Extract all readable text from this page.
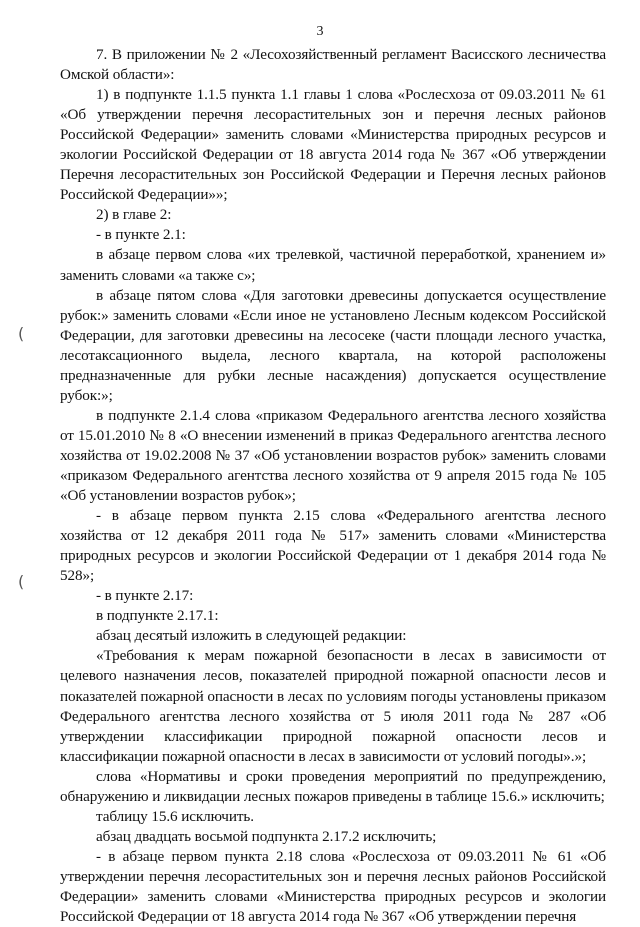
3
(
(

7. В приложении № 2 «Лесохозяйственный регламент Васисского лесничества Омской области»:

1) в подпункте 1.1.5 пункта 1.1 главы 1 слова «Рослесхоза от 09.03.2011 № 61 «Об утверждении перечня лесорастительных зон и перечня лесных районов Российской Федерации» заменить словами «Министерства природных ресурсов и экологии Российской Федерации от 18 августа 2014 года № 367 «Об утверждении Перечня лесорастительных зон Российской Федерации и Перечня лесных районов Российской Федерации»»;

2) в главе 2:

- в пункте 2.1:

в абзаце первом слова «их трелевкой, частичной переработкой, хранением и» заменить словами «а также с»;

в абзаце пятом слова «Для заготовки древесины допускается осуществление рубок:» заменить словами «Если иное не установлено Лесным кодексом Российской Федерации, для заготовки древесины на лесосеке (части площади лесного участка, лесотаксационного выдела, лесного квартала, на которой расположены предназначенные для рубки лесные насаждения) допускается осуществление рубок:»;

в подпункте 2.1.4 слова «приказом Федерального агентства лесного хозяйства от 15.01.2010 № 8 «О внесении изменений в приказ Федерального агентства лесного хозяйства от 19.02.2008 № 37 «Об установлении возрастов рубок» заменить словами «приказом Федерального агентства лесного хозяйства от 9 апреля 2015 года № 105 «Об установлении возрастов рубок»;

- в абзаце первом пункта 2.15 слова «Федерального агентства лесного хозяйства от 12 декабря 2011 года № 517» заменить словами «Министерства природных ресурсов и экологии Российской Федерации от 1 декабря 2014 года № 528»;

- в пункте 2.17:

в подпункте 2.17.1:

абзац десятый изложить в следующей редакции:

«Требования к мерам пожарной безопасности в лесах в зависимости от целевого назначения лесов, показателей природной пожарной опасности лесов и показателей пожарной опасности в лесах по условиям погоды установлены приказом Федерального агентства лесного хозяйства от 5 июля 2011 года № 287 «Об утверждении классификации природной пожарной опасности лесов и классификации пожарной опасности в лесах в зависимости от условий погоды».»;

слова «Нормативы и сроки проведения мероприятий по предупреждению, обнаружению и ликвидации лесных пожаров приведены в таблице 15.6.» исключить;

таблицу 15.6 исключить.

абзац двадцать восьмой подпункта 2.17.2 исключить;

- в абзаце первом пункта 2.18 слова «Рослесхоза от 09.03.2011 № 61 «Об утверждении перечня лесорастительных зон и перечня лесных районов Российской Федерации» заменить словами «Министерства природных ресурсов и экологии Российской Федерации от 18 августа 2014 года № 367 «Об утверждении перечня
